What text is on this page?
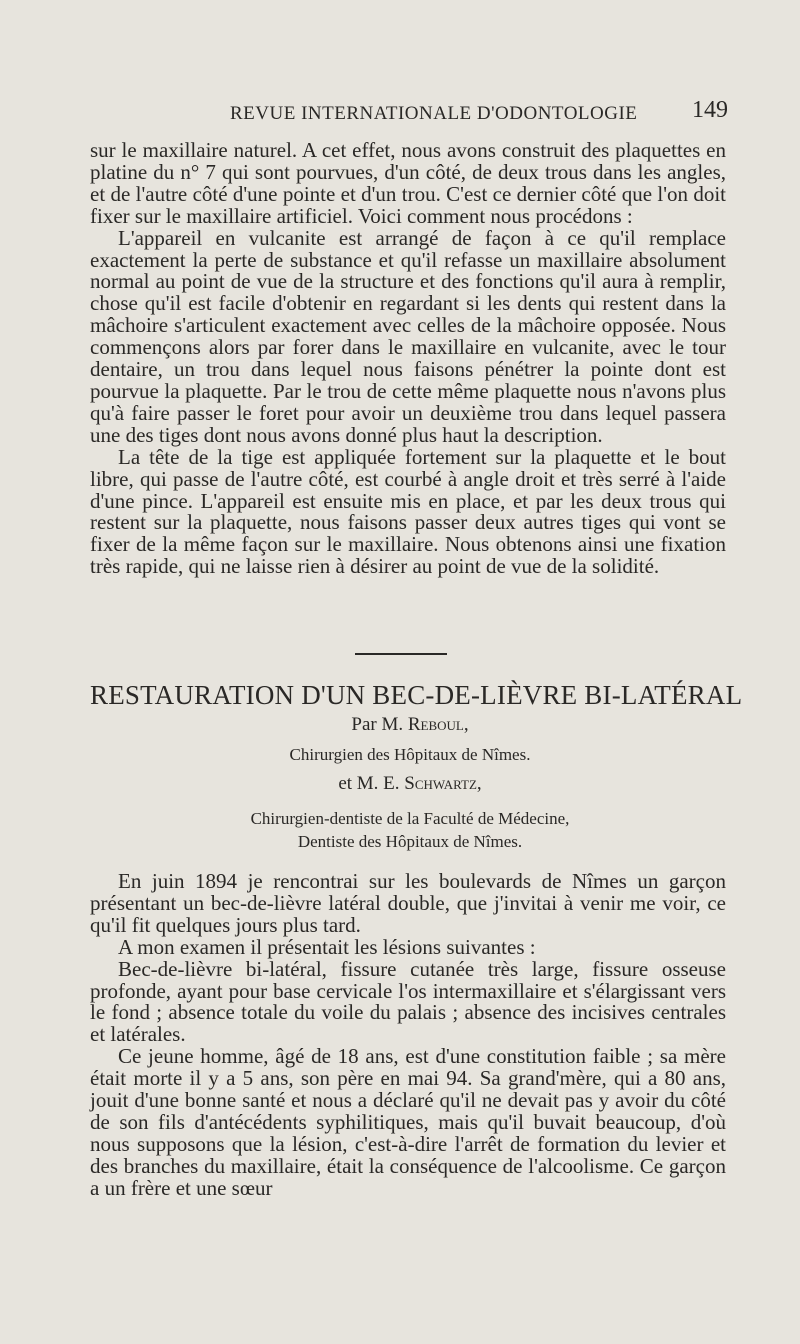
REVUE INTERNATIONALE D'ODONTOLOGIE 149

sur le maxillaire naturel. A cet effet, nous avons construit des plaquettes en platine du n° 7 qui sont pourvues, d'un côté, de deux trous dans les angles, et de l'autre côté d'une pointe et d'un trou. C'est ce dernier côté que l'on doit fixer sur le maxillaire artificiel. Voici comment nous procédons :

L'appareil en vulcanite est arrangé de façon à ce qu'il remplace exactement la perte de substance et qu'il refasse un maxillaire absolument normal au point de vue de la structure et des fonctions qu'il aura à remplir, chose qu'il est facile d'obtenir en regardant si les dents qui restent dans la mâchoire s'articulent exactement avec celles de la mâchoire opposée. Nous commençons alors par forer dans le maxillaire en vulcanite, avec le tour dentaire, un trou dans lequel nous faisons pénétrer la pointe dont est pourvue la plaquette. Par le trou de cette même plaquette nous n'avons plus qu'à faire passer le foret pour avoir un deuxième trou dans lequel passera une des tiges dont nous avons donné plus haut la description.

La tête de la tige est appliquée fortement sur la plaquette et le bout libre, qui passe de l'autre côté, est courbé à angle droit et très serré à l'aide d'une pince. L'appareil est ensuite mis en place, et par les deux trous qui restent sur la plaquette, nous faisons passer deux autres tiges qui vont se fixer de la même façon sur le maxillaire. Nous obtenons ainsi une fixation très rapide, qui ne laisse rien à désirer au point de vue de la solidité.

RESTAURATION D'UN BEC-DE-LIÈVRE BI-LATÉRAL
Par M. Reboul,
Chirurgien des Hôpitaux de Nîmes.
et M. E. Schwartz,
Chirurgien-dentiste de la Faculté de Médecine,
Dentiste des Hôpitaux de Nîmes.

En juin 1894 je rencontrai sur les boulevards de Nîmes un garçon présentant un bec-de-lièvre latéral double, que j'invitai à venir me voir, ce qu'il fit quelques jours plus tard.

A mon examen il présentait les lésions suivantes :

Bec-de-lièvre bi-latéral, fissure cutanée très large, fissure osseuse profonde, ayant pour base cervicale l'os intermaxillaire et s'élargissant vers le fond ; absence totale du voile du palais ; absence des incisives centrales et latérales.

Ce jeune homme, âgé de 18 ans, est d'une constitution faible ; sa mère était morte il y a 5 ans, son père en mai 94. Sa grand'mère, qui a 80 ans, jouit d'une bonne santé et nous a déclaré qu'il ne devait pas y avoir du côté de son fils d'antécédents syphilitiques, mais qu'il buvait beaucoup, d'où nous supposons que la lésion, c'est-à-dire l'arrêt de formation du levier et des branches du maxillaire, était la conséquence de l'alcoolisme. Ce garçon a un frère et une sœur
